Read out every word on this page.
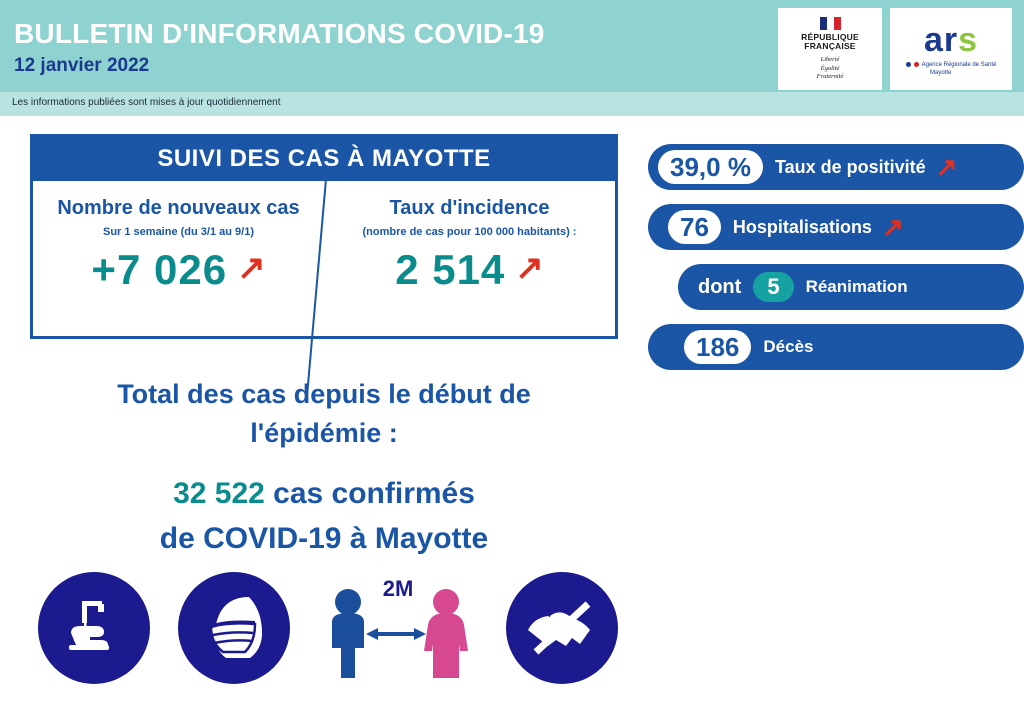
BULLETIN D'INFORMATIONS COVID-19
12 janvier 2022
RÉPUBLIQUE
FRANÇAISE
Liberté
Égalité
Fraternité
ars
Agence Régionale de Santé
Mayotte
Les informations publiées sont mises à jour quotidiennement
SUIVI DES CAS À MAYOTTE
Nombre de nouveaux cas
Sur 1 semaine (du 3/1 au 9/1)
+7 026 ↗
Taux d'incidence
(nombre de cas pour 100 000 habitants) :
2 514 ↗
Total des cas depuis le début de
l'épidémie :
32 522 cas confirmés
de COVID-19 à Mayotte
39,0 %	Taux de positivité ↗
76	Hospitalisations ↗
dont	5	Réanimation
186	Décès
2M
